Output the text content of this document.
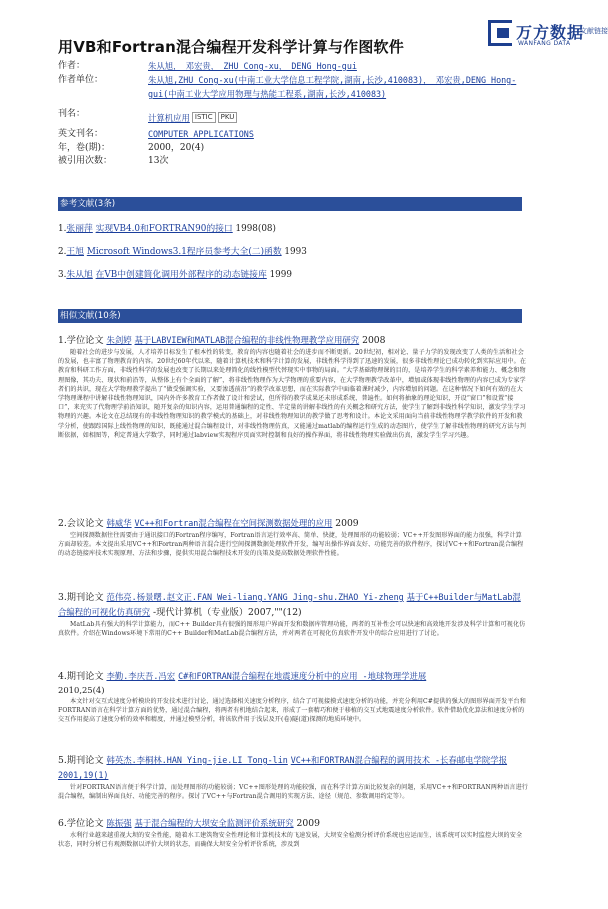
用VB和Fortran混合编程开发科学计算与作图软件
万方数据
WANFANG DATA
文献链接
作者：	朱从旭，　邓宏贵，　ZHU Cong-xu，　DENG Hong-gui
作者单位：	朱从旭,ZHU Cong-xu(中南工业大学信息工程学院,湖南,长沙,410083)，　邓宏贵,DENG Hong-gui(中南工业大学应用物理与热能工程系,湖南,长沙,410083)
刊名：	计算机应用 ISTIC PKU
英文刊名：	COMPUTER APPLICATIONS
年，卷(期)：	2000，20(4)
被引用次数：	13次
参考文献(3条)
1.张丽萍 实现VB4.0和FORTRAN90的接口 1998(08)
2.王旭 Microsoft Windows3.1程序员参考大全(二)函数 1993
3.朱从旭 在VB中创建简化调用外部程序的动态链接库 1999
相似文献(10条)
1.学位论文 朱剑婷 基于LABVIEW和MATLAB混合编程的非线性物理教学应用研究 2008
随着社会的进步与发展，人才培养目标发生了根本性的转变，教育的内容也随着社会的进步而不断更新。20世纪初，相对论、量子力学的发现改变了人类的生活和社会的发展，也丰富了物理教育的内容。20世纪60年代以来，随着计算机技术和科学计算的发展，非线性科学得到了迅速的发展，很多非线性理论已成功转化到实际应用中。在教育和科研工作方面，非线性科学的发展也改变了长期以来处理简化的线性模型代替现实中事物的局面。“大学基础物理课的目的，是培养学生的科学素养和能力、概念和物理图像，其功夫、现状和前沿等，从整体上有个全面的了解”，将非线性物理作为大学物理的重要内容，在大学物理教学改革中，增加或体现非线性物理的内容已成为专家学者们的共识，现在大学物理教学提出了“做受强调实验，又要渗透前沿”的教学改革思想，而在实际教学中面临着课时减少，内容增加的问题。在这种情况下如何有效的在大学物理课程中讲解非线性物理知识，国内外许多教育工作者做了设计和尝试，但所得的教学成果还未形成系统、普遍性。如何将抽象的理论知识，开设“窗口”和设置“接口”，来充实了代物理学前沿知识，随开复杂的知识内容，运用普通编程的定性、半定量的讲解非线性的有关概念和研究方法，使学生了解到非线性科学知识，激发学生学习物理的兴趣。本论文在总结现有的非线性物理知识的教学模式的基础上，对非线性物理知识的教学做了思考和设计。本论文采用面向当前非线性物理学教学软件的开发和教学分析，使跟踪国际上线性物理的知识，既能通过混合编程设计，对非线性物理仿真，又能通过matlab的编程运行生成的动态图片，使学生了解非线性物理的研究方法与判断依据，如相图等，利定普通大学数学，同时通过labview实现程序页面实时控制和良好的操作界面，将非线性物理实验做出仿真，激发学生学习兴趣。
2.会议论文 韩威华 VC++和Fortran混合编程在空间探测数据处理的应用 2009
空间探测数据往往需要由于通讯接口的Fortran程序编写，Fortran语言运行效率高、简单、快捷，处理图形的功能较弱；VC++开发图形界面的能力很强，科学计算方面却较差。本文提出采用VC++和Fortran两种语言混合进行空间探测数据处理软件开发，编写出操作界面友好、功能完善的软件程序，探讨VC++和Fortran混合编程的动态链接库技术实现原理、方法和步骤，提供实用混合编程技术开发的良策及提高数据处理软件性能。
3.期刊论文 范伟亮.杨景曙.赵文正.FAN Wei-liang.YANG Jing-shu.ZHAO Yi-zheng 基于C++Builder与MatLab混合编程的可视化仿真研究 -现代计算机（专业版）2007,""(12)
MatLab具有强大的科学计算能力，而C++ Builder具有很强的图形用户界面开发和数据库管理功能，两者的互补性会可以快速和高效地开发涉及科学计算和可视化仿真软件。介绍在Windows环境下常用的C++ Builder和MatLab混合编程方法，并对两者在可视化仿真软件开发中的综合应用进行了讨论。
4.期刊论文 李勤.李庆吾.冯宏 C#和FORTRAN混合编程在地震速度分析中的应用 -地球物理学进展
2010,25(4)
本文针对交互式速度分析模块的开发技术进行讨论，通过选择相关速度分析程序，结合了可视接摸式速度分析的功能，并充分利用C#提供的强大的图形界面开发平台和FORTRAN语言在科学计算方面的优势，通过混合编程，将两者有机地结合起来，形成了一套精巧和便于移植的交互式地震速度分析软件。软件借助优化算法和速度分析的交互作用提高了速度分析的效率和精度，并通过模型分析，将该软件用于浅层及开(卷)隧(道)探测的地质环境中。
5.期刊论文 韩英杰.李桐林.HAN Ying-jie.LI Tong-lin VC++和FORTRAN混合编程的调用技术 -长春邮电学院学报2001,19(1)
针对FORTRAN语言便于科学计算，而处理图形的功能较弱；VC++图形处理的功能较强，而在科学计算方面比较复杂的问题，采用VC++和FORTRAN两种语言进行混合编程，编制出界面良好、功能完善的程序。探讨了VC++与Fortran混合调用的实现方法、途径（规范、参数调用约定等）。
6.学位论文 陈振强 基于混合编程的大坝安全监测评价系统研究 2009
水利行业越来越重视大坝的安全性能，随着水工建筑物安全性理论和计算机技术的飞速发展，大坝安全检测分析评价系统也应运而生，该系统可以实时监控大坝的安全状态，同时分析已有观测数据以评价大坝的状态，而确保大坝安全分析评价系统，涉及到
